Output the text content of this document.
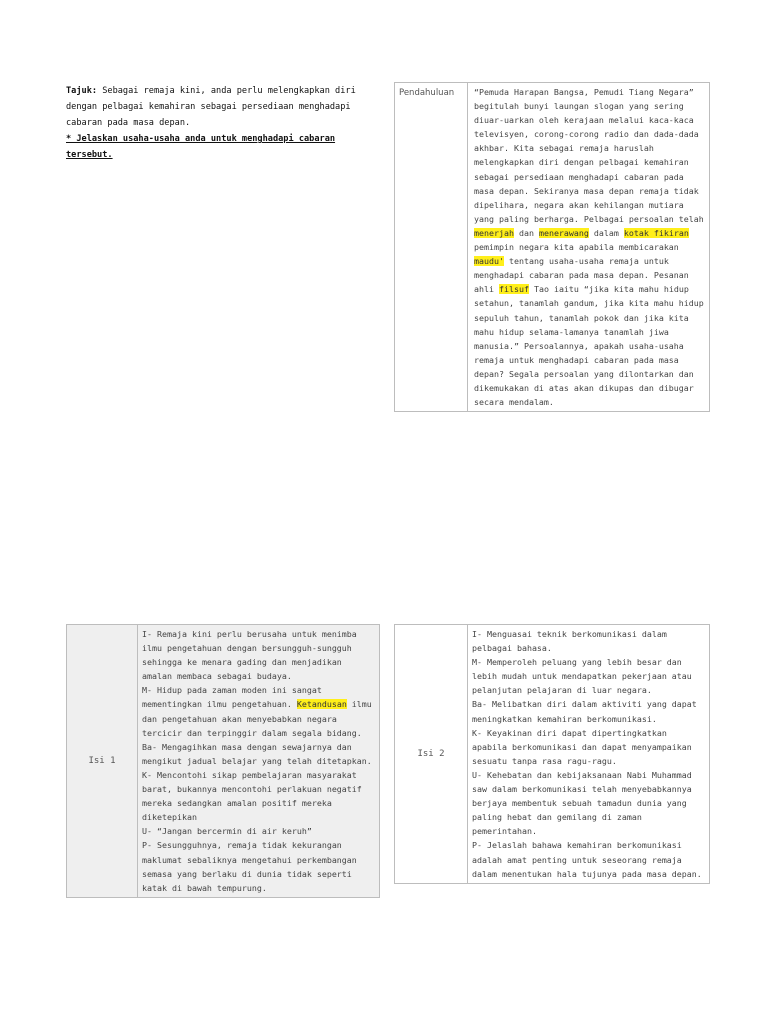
Tajuk: Sebagai remaja kini, anda perlu melengkapkan diri
dengan pelbagai kemahiran sebagai persediaan menghadapi
cabaran pada masa depan.
* Jelaskan usaha-usaha anda untuk menghadapi cabaran
tersebut.
Pendahuluan	“Pemuda Harapan Bangsa, Pemudi Tiang Negara”
begitulah bunyi laungan slogan yang sering
diuar-uarkan oleh kerajaan melalui kaca-kaca
televisyen, corong-corong radio dan dada-dada
akhbar. Kita sebagai remaja haruslah
melengkapkan diri dengan pelbagai kemahiran
sebagai persediaan menghadapi cabaran pada
masa depan. Sekiranya masa depan remaja tidak
dipelihara, negara akan kehilangan mutiara
yang paling berharga. Pelbagai persoalan telah
menerjah dan menerawang dalam kotak fikiran
pemimpin negara kita apabila membicarakan
maudu' tentang usaha-usaha remaja untuk
menghadapi cabaran pada masa depan. Pesanan
ahli filsuf Tao iaitu “jika kita mahu hidup
setahun, tanamlah gandum, jika kita mahu hidup
sepuluh tahun, tanamlah pokok dan jika kita
mahu hidup selama-lamanya tanamlah jiwa
manusia.” Persoalannya, apakah usaha-usaha
remaja untuk menghadapi cabaran pada masa
depan? Segala persoalan yang dilontarkan dan
dikemukakan di atas akan dikupas dan dibugar
secara mendalam.
Isi 1	
I- Remaja kini perlu berusaha untuk menimba
ilmu pengetahuan dengan bersungguh-sungguh
sehingga ke menara gading dan menjadikan
amalan membaca sebagai budaya.
M- Hidup pada zaman moden ini sangat
mementingkan ilmu pengetahuan. Ketandusan ilmu
dan pengetahuan akan menyebabkan negara
tercicir dan terpinggir dalam segala bidang.
Ba- Mengagihkan masa dengan sewajarnya dan
mengikut jadual belajar yang telah ditetapkan.
K- Mencontohi sikap pembelajaran masyarakat
barat, bukannya mencontohi perlakuan negatif
mereka sedangkan amalan positif mereka
diketepikan
U- “Jangan bercermin di air keruh”
P- Sesungguhnya, remaja tidak kekurangan
maklumat sebaliknya mengetahui perkembangan
semasa yang berlaku di dunia tidak seperti
katak di bawah tempurung.
Isi 2	
I- Menguasai teknik berkomunikasi dalam
pelbagai bahasa.
M- Memperoleh peluang yang lebih besar dan
lebih mudah untuk mendapatkan pekerjaan atau
pelanjutan pelajaran di luar negara.
Ba- Melibatkan diri dalam aktiviti yang dapat
meningkatkan kemahiran berkomunikasi.
K- Keyakinan diri dapat dipertingkatkan
apabila berkomunikasi dan dapat menyampaikan
sesuatu tanpa rasa ragu-ragu.
U- Kehebatan dan kebijaksanaan Nabi Muhammad
saw dalam berkomunikasi telah menyebabkannya
berjaya membentuk sebuah tamadun dunia yang
paling hebat dan gemilang di zaman
pemerintahan.
P- Jelaslah bahawa kemahiran berkomunikasi
adalah amat penting untuk seseorang remaja
dalam menentukan hala tujunya pada masa depan.
